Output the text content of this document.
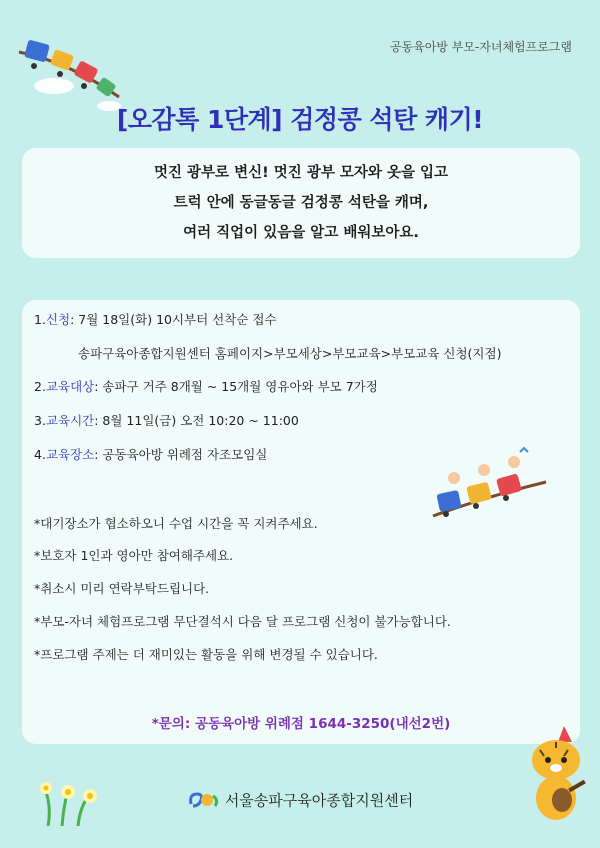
공동육아방 부모-자녀체험프로그램
[오감톡 1단계] 검정콩 석탄 캐기!
멋진 광부로 변신! 멋진 광부 모자와 옷을 입고
트럭 안에 동글동글 검정콩 석탄을 캐며,
여러 직업이 있음을 알고 배워보아요.
1.신청: 7월 18일(화) 10시부터 선착순 접수
송파구육아종합지원센터 홈페이지>부모세상>부모교육>부모교육 신청(지점)
2.교육대상: 송파구 거주 8개월 ~ 15개월 영유아와 부모 7가정
3.교육시간: 8월 11일(금) 오전 10:20 ~ 11:00
4.교육장소: 공동육아방 위례점 자조모임실
*대기장소가 협소하오니 수업 시간을 꼭 지켜주세요.
*보호자 1인과 영아만 참여해주세요.
*취소시 미리 연락부탁드립니다.
*부모-자녀 체험프로그램 무단결석시 다음 달 프로그램 신청이 불가능합니다.
*프로그램 주제는 더 재미있는 활동을 위해 변경될 수 있습니다.
*문의: 공동육아방 위례점 1644-3250(내선2번)
서울송파구육아종합지원센터
